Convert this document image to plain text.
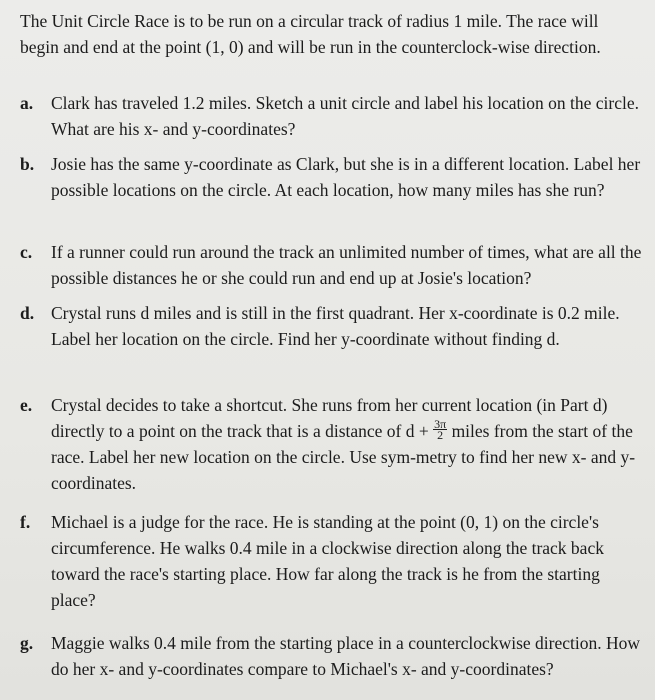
The Unit Circle Race is to be run on a circular track of radius 1 mile. The race will begin and end at the point (1, 0) and will be run in the counterclock-wise direction.
a.	Clark has traveled 1.2 miles. Sketch a unit circle and label his location on the circle. What are his x- and y-coordinates?
b. Josie has the same y-coordinate as Clark, but she is in a different location. Label her possible locations on the circle. At each location, how many miles has she run?
c.	If a runner could run around the track an unlimited number of times, what are all the possible distances he or she could run and end up at Josie's location?
d. Crystal runs d miles and is still in the first quadrant. Her x-coordinate is 0.2 mile. Label her location on the circle. Find her y-coordinate without finding d.
e.	Crystal decides to take a shortcut. She runs from her current location (in Part d) directly to a point on the track that is a distance of $d + \frac{3\pi}{2}$ miles from the start of the race. Label her new location on the circle. Use sym-metry to find her new x- and y-coordinates.
f.	Michael is a judge for the race. He is standing at the point (0, 1) on the circle's circumference. He walks 0.4 mile in a clockwise direction along the track back toward the race's starting place. How far along the track is he from the starting place?
g.	Maggie walks 0.4 mile from the starting place in a counterclockwise direction. How do her x- and y-coordinates compare to Michael's x- and y-coordinates?
